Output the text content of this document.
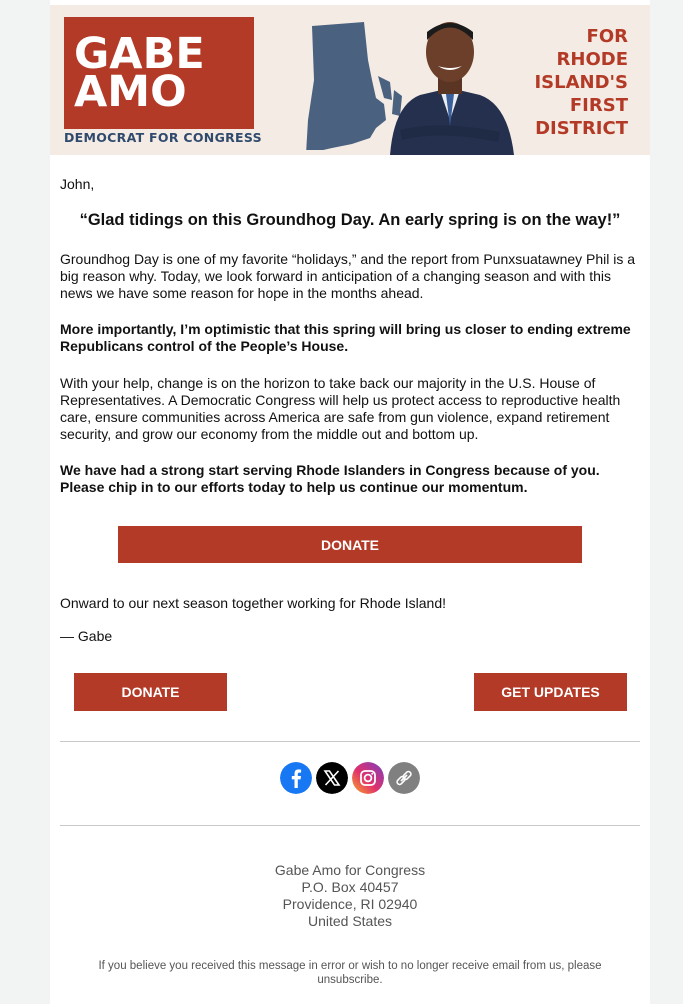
GABE
AMO
DEMOCRAT FOR CONGRESS
FOR
RHODE
ISLAND'S
FIRST
DISTRICT
John,
“Glad tidings on this Groundhog Day. An early spring is on the way!”
Groundhog Day is one of my favorite “holidays,” and the report from Punxsuatawney Phil is a big reason why. Today, we look forward in anticipation of a changing season and with this news we have some reason for hope in the months ahead.
More importantly, I’m optimistic that this spring will bring us closer to ending extreme Republicans control of the People’s House.
With your help, change is on the horizon to take back our majority in the U.S. House of Representatives. A Democratic Congress will help us protect access to reproductive health care, ensure communities across America are safe from gun violence, expand retirement security, and grow our economy from the middle out and bottom up.
We have had a strong start serving Rhode Islanders in Congress because of you. Please chip in to our efforts today to help us continue our momentum.
DONATE
Onward to our next season together working for Rhode Island!
— Gabe
DONATE	GET UPDATES
Gabe Amo for Congress
P.O. Box 40457
Providence, RI 02940
United States
If you believe you received this message in error or wish to no longer receive email from us, please unsubscribe.
